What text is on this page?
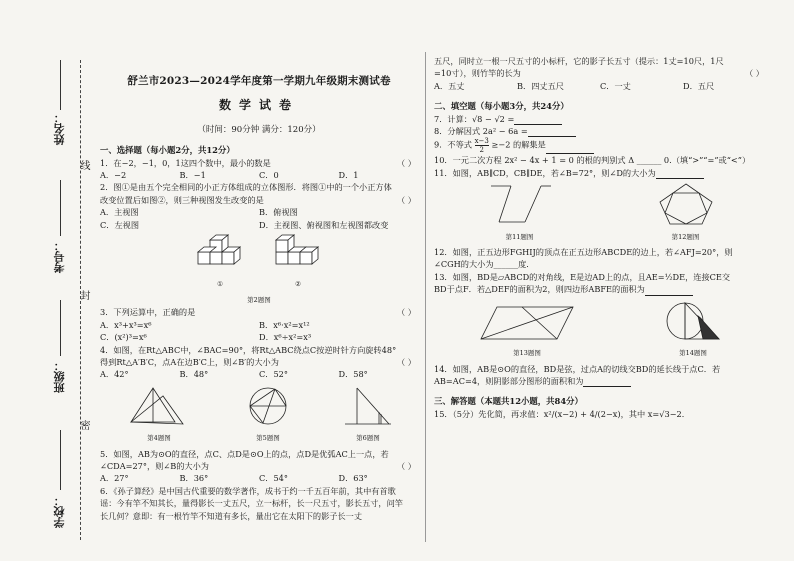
姓名：
考号：
班级：
学校：
线
封
密
舒兰市2023—2024学年度第一学期九年级期末测试卷
数学试卷
（时间：90分钟 满分：120分）
一、选择题（每小题2分，共12分）
1．在−2，−1，0，1这四个数中，最小的数是	（ ）
A．−2	B．−1	C．0	D．1
2．图①是由五个完全相同的小正方体组成的立体图形．将图①中的一个小正方体
改变位置后如图②，则三种视图发生改变的是	（ ）
A．主视图	B．俯视图
C．左视图	D．主视图、俯视图和左视图都改变
①	②
第2题图
3．下列运算中，正确的是	（ ）
A．x³+x³=x⁶	B．x⁶·x²=x¹²
C．(x²)³=x⁶	D．x⁶÷x²=x³
4．如图，在Rt△ABC中，∠BAC=90°，将Rt△ABC绕点C按逆时针方向旋转48°
得到Rt△A′B′C，点A在边B′C上，则∠B′的大小为	（ ）
A．42°	B．48°	C．52°	D．58°
第4题图	第5题图	第6题图
5．如图，AB为⊙O的直径，点C、点D是⊙O上的点，点D是优弧AC上一点，若
∠CDA=27°，则∠B的大小为	（ ）
A．27°	B．36°	C．54°	D．63°
6．《孙子算经》是中国古代重要的数学著作，成书于约一千五百年前，其中有首歌
谣：今有竿不知其长，量得影长一丈五尺，立一标杆，长一尺五寸，影长五寸，问竿
长几何？意即：有一根竹竿不知道有多长，量出它在太阳下的影子长一丈
五尺，同时立一根一尺五寸的小标杆，它的影子长五寸（提示：1丈=10尺，1尺
=10寸），则竹竿的长为	（ ）
A．五丈	B．四丈五尺	C．一丈	D．五尺
二、填空题（每小题3分，共24分）
7．计算：√8 − √2 =
8．分解因式 2a² − 6a =
9．不等式 $\frac{x-3}{2} \ge-2$ 的解集是
10．一元二次方程 2x² − 4x + 1 = 0 的根的判别式 Δ ______ 0.（填“>”“=”或“<”）
11．如图，AB∥CD，CB∥DE，若∠B=72°，则∠D的大小为
第11题图	第12题图
12．如图，正五边形FGHIJ的顶点在正五边形ABCDE的边上，若∠AFJ=20°，则
∠CGH的大小为______度．
13．如图，BD是▱ABCD的对角线，E是边AD上的点，且AE=½DE，连接CE交
BD于点F．若△DEF的面积为2，则四边形ABFE的面积为
第13题图	第14题图
14．如图，AB是⊙O的直径，BD是弦，过点A的切线交BD的延长线于点C．若
AB=AC=4，则阴影部分图形的面积和为
三、解答题（本题共12小题，共84分）
15．（5分）先化简，再求值：x²/(x−2) + 4/(2−x)，其中 x=√3−2．
